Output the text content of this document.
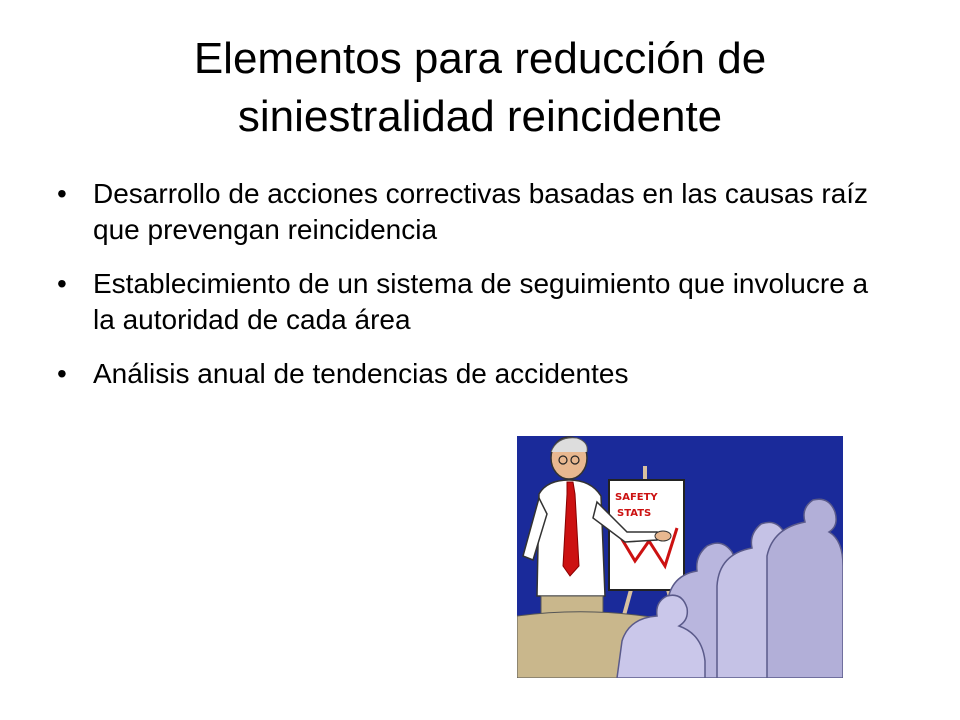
Elementos para reducción de siniestralidad reincidente
• Desarrollo de acciones correctivas basadas en las causas raíz que prevengan reincidencia
• Establecimiento de un sistema de seguimiento que involucre a la autoridad de cada área
• Análisis anual de tendencias de accidentes
SAFETY
STATS
